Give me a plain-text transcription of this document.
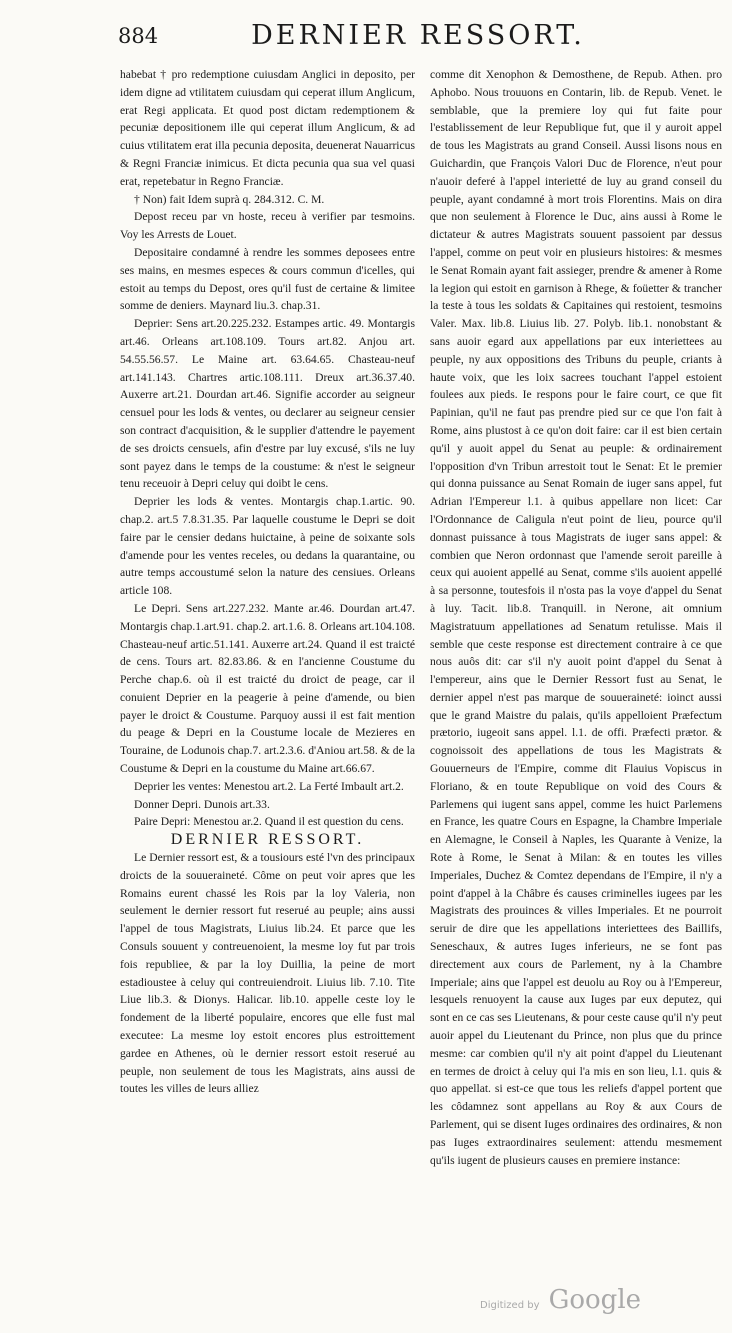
884	DERNIER RESSORT.

habebat † pro redemptione cuiusdam Anglici in deposito, per idem digne ad vtilitatem cuiusdam qui ceperat illum Anglicum, erat Regi applicata. Et quod post dictam redemptionem & pecuniæ depositionem ille qui ceperat illum Anglicum, & ad cuius vtilitatem erat illa pecunia deposita, deuenerat Nauarricus & Regni Franciæ inimicus. Et dicta pecunia qua sua vel quasi erat, repetebatur in Regno Franciæ.

† Non) fait Idem suprà q. 284.312. C. M.

Depost receu par vn hoste, receu à verifier par tesmoins. Voy les Arrests de Louet.

Depositaire condamné à rendre les sommes deposees entre ses mains, en mesmes especes & cours commun d'icelles, qui estoit au temps du Depost, ores qu'il fust de certaine & limitee somme de deniers. Maynard liu.3. chap.31.

Deprier: Sens art.20.225.232. Estampes artic. 49. Montargis art.46. Orleans art.108.109. Tours art.82. Anjou art. 54.55.56.57. Le Maine art. 63.64.65. Chasteau-neuf art.141.143. Chartres artic.108.111. Dreux art.36.37.40. Auxerre art.21. Dourdan art.46. Signifie accorder au seigneur censuel pour les lods & ventes, ou declarer au seigneur censier son contract d'acquisition, & le supplier d'attendre le payement de ses droicts censuels, afin d'estre par luy excusé, s'ils ne luy sont payez dans le temps de la coustume: & n'est le seigneur tenu receuoir à Depri celuy qui doibt le cens.

Deprier les lods & ventes. Montargis chap.1.artic. 90. chap.2. art.5 7.8.31.35. Par laquelle coustume le Depri se doit faire par le censier dedans huictaine, à peine de soixante sols d'amende pour les ventes receles, ou dedans la quarantaine, ou autre temps accoustumé selon la nature des censiues. Orleans article 108.

Le Depri. Sens art.227.232. Mante ar.46. Dourdan art.47. Montargis chap.1.art.91. chap.2. art.1.6. 8. Orleans art.104.108. Chasteau-neuf artic.51.141. Auxerre art.24. Quand il est traicté de cens. Tours art. 82.83.86. & en l'ancienne Coustume du Perche chap.6. où il est traicté du droict de peage, car il conuient Deprier en la peagerie à peine d'amende, ou bien payer le droict & Coustume. Parquoy aussi il est fait mention du peage & Depri en la Coustume locale de Mezieres en Touraine, de Lodunois chap.7. art.2.3.6. d'Aniou art.58. & de la Coustume & Depri en la coustume du Maine art.66.67.

Deprier les ventes: Menestou art.2. La Ferté Imbault art.2.

Donner Depri. Dunois art.33.

Paire Depri: Menestou ar.2. Quand il est question du cens.

DERNIER RESSORT.

Le Dernier ressort est, & a tousiours esté l'vn des principaux droicts de la souueraineté. Côme on peut voir apres que les Romains eurent chassé les Rois par la loy Valeria, non seulement le dernier ressort fut reserué au peuple; ains aussi l'appel de tous Magistrats, Liuius lib.24. Et parce que les Consuls souuent y contreuenoient, la mesme loy fut par trois fois republiee, & par la loy Duillia, la peine de mort estadioustee à celuy qui contreuiendroit. Liuius lib. 7.10. Tite Liue lib.3. & Dionys. Halicar. lib.10. appelle ceste loy le fondement de la liberté populaire, encores que elle fust mal executee: La mesme loy estoit encores plus estroittement gardee en Athenes, où le dernier ressort estoit reserué au peuple, non seulement de tous les Magistrats, ains aussi de toutes les villes de leurs alliez

comme dit Xenophon & Demosthene, de Repub. Athen. pro Aphobo. Nous trouuons en Contarin, lib. de Repub. Venet. le semblable, que la premiere loy qui fut faite pour l'establissement de leur Republique fut, que il y auroit appel de tous les Magistrats au grand Conseil. Aussi lisons nous en Guichardin, que François Valori Duc de Florence, n'eut pour n'auoir deferé à l'appel interietté de luy au grand conseil du peuple, ayant condamné à mort trois Florentins. Mais on dira que non seulement à Florence le Duc, ains aussi à Rome le dictateur & autres Magistrats souuent passoient par dessus l'appel, comme on peut voir en plusieurs histoires: & mesmes le Senat Romain ayant fait assieger, prendre & amener à Rome la legion qui estoit en garnison à Rhege, & foüetter & trancher la teste à tous les soldats & Capitaines qui restoient, tesmoins Valer. Max. lib.8. Liuius lib. 27. Polyb. lib.1. nonobstant & sans auoir egard aux appellations par eux interiettees au peuple, ny aux oppositions des Tribuns du peuple, criants à haute voix, que les loix sacrees touchant l'appel estoient foulees aux pieds. Ie respons pour le faire court, ce que fit Papinian, qu'il ne faut pas prendre pied sur ce que l'on fait à Rome, ains plustost à ce qu'on doit faire: car il est bien certain qu'il y auoit appel du Senat au peuple: & ordinairement l'opposition d'vn Tribun arrestoit tout le Senat: Et le premier qui donna puissance au Senat Romain de iuger sans appel, fut Adrian l'Empereur l.1. à quibus appellare non licet: Car l'Ordonnance de Caligula n'eut point de lieu, pource qu'il donnast puissance à tous Magistrats de iuger sans appel: & combien que Neron ordonnast que l'amende seroit pareille à ceux qui auoient appellé au Senat, comme s'ils auoient appellé à sa personne, toutesfois il n'osta pas la voye d'appel du Senat à luy. Tacit. lib.8. Tranquill. in Nerone, ait omnium Magistratuum appellationes ad Senatum retulisse. Mais il semble que ceste response est directement contraire à ce que nous auôs dit: car s'il n'y auoit point d'appel du Senat à l'empereur, ains que le Dernier Ressort fust au Senat, le dernier appel n'est pas marque de souueraineté: ioinct aussi que le grand Maistre du palais, qu'ils appelloient Præfectum prætorio, iugeoit sans appel. l.1. de offi. Præfecti prætor. & cognoissoit des appellations de tous les Magistrats & Gouuerneurs de l'Empire, comme dit Flauius Vopiscus in Floriano, & en toute Republique on void des Cours & Parlemens qui iugent sans appel, comme les huict Parlemens en France, les quatre Cours en Espagne, la Chambre Imperiale en Alemagne, le Conseil à Naples, les Quarante à Venize, la Rote à Rome, le Senat à Milan: & en toutes les villes Imperiales, Duchez & Comtez dependans de l'Empire, il n'y a point d'appel à la Châbre és causes criminelles iugees par les Magistrats des prouinces & villes Imperiales. Et ne pourroit seruir de dire que les appellations interiettees des Baillifs, Seneschaux, & autres Iuges inferieurs, ne se font pas directement aux cours de Parlement, ny à la Chambre Imperiale; ains que l'appel est deuolu au Roy ou à l'Empereur, lesquels renuoyent la cause aux Iuges par eux deputez, qui sont en ce cas ses Lieutenans, & pour ceste cause qu'il n'y peut auoir appel du Lieutenant du Prince, non plus que du prince mesme: car combien qu'il n'y ait point d'appel du Lieutenant en termes de droict à celuy qui l'a mis en son lieu, l.1. quis & quo appellat. si est-ce que tous les reliefs d'appel portent que les côdamnez sont appellans au Roy & aux Cours de Parlement, qui se disent Iuges ordinaires des ordinaires, & non pas Iuges extraordinaires seulement: attendu mesmement qu'ils iugent de plusieurs causes en premiere instance:

Digitized by Google
